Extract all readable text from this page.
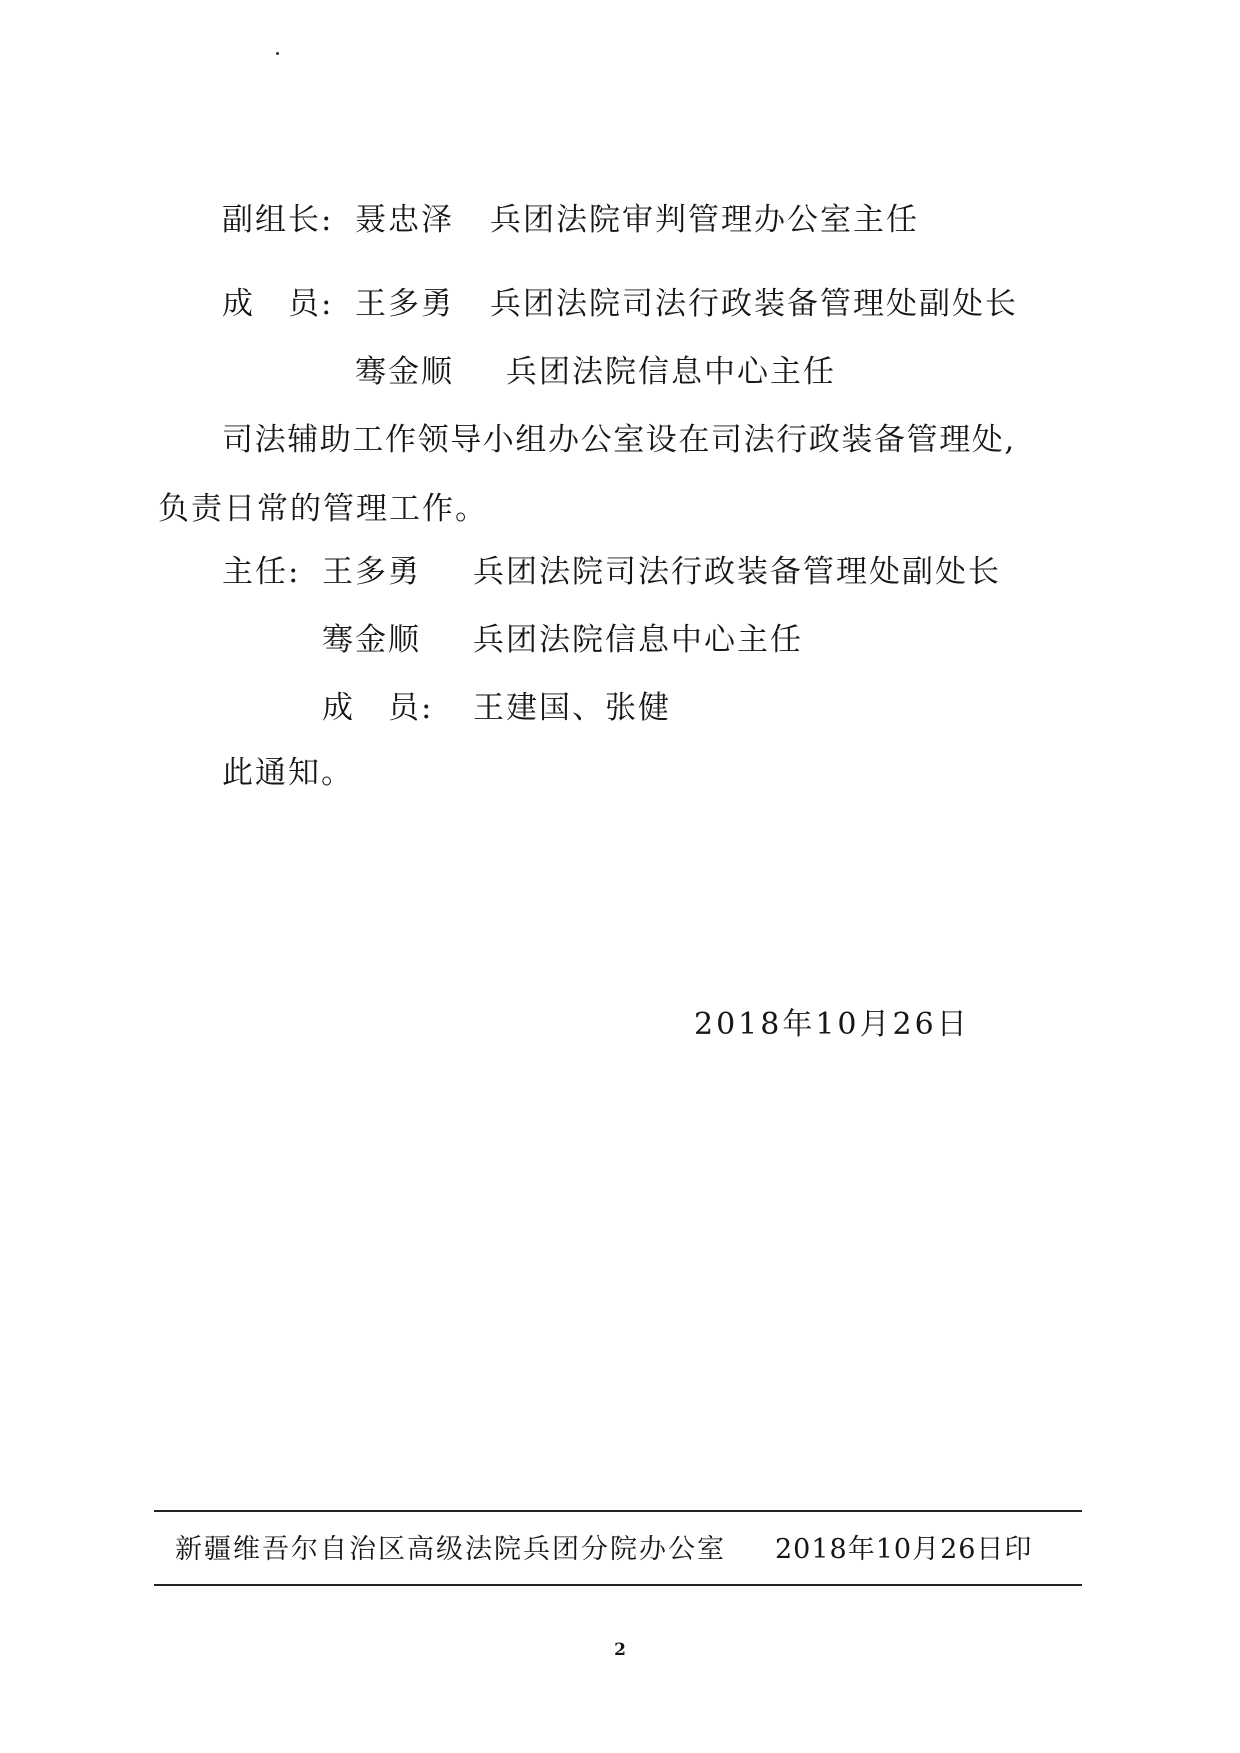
副组长: 聂忠泽 兵团法院审判管理办公室主任
成　员: 王多勇 兵团法院司法行政装备管理处副处长
骞金顺 兵团法院信息中心主任
司法辅助工作领导小组办公室设在司法行政装备管理处,
负责日常的管理工作。
主任: 王多勇 兵团法院司法行政装备管理处副处长
骞金顺 兵团法院信息中心主任
成　员: 王建国、张健
此通知。
2018年10月26日
新疆维吾尔自治区高级法院兵团分院办公室 2018年10月26日印
2
